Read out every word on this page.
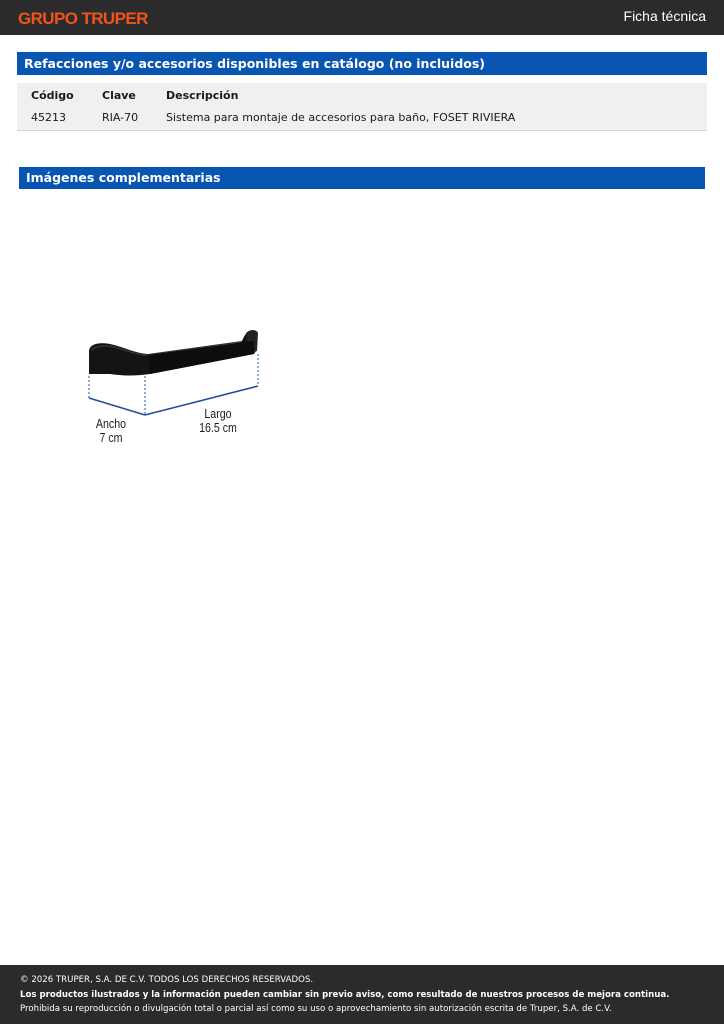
GRUPO TRUPER	Ficha técnica
Refacciones y/o accesorios disponibles en catálogo (no incluidos)
Código	Clave	Descripción
45213	RIA-70	Sistema para montaje de accesorios para baño, FOSET RIVIERA
Imágenes complementarias
Ancho
7 cm
Largo
16.5 cm
© 2026 TRUPER, S.A. DE C.V. TODOS LOS DERECHOS RESERVADOS.
Los productos ilustrados y la información pueden cambiar sin previo aviso, como resultado de nuestros procesos de mejora continua.
Prohibida su reproducción o divulgación total o parcial así como su uso o aprovechamiento sin autorización escrita de Truper, S.A. de C.V.
